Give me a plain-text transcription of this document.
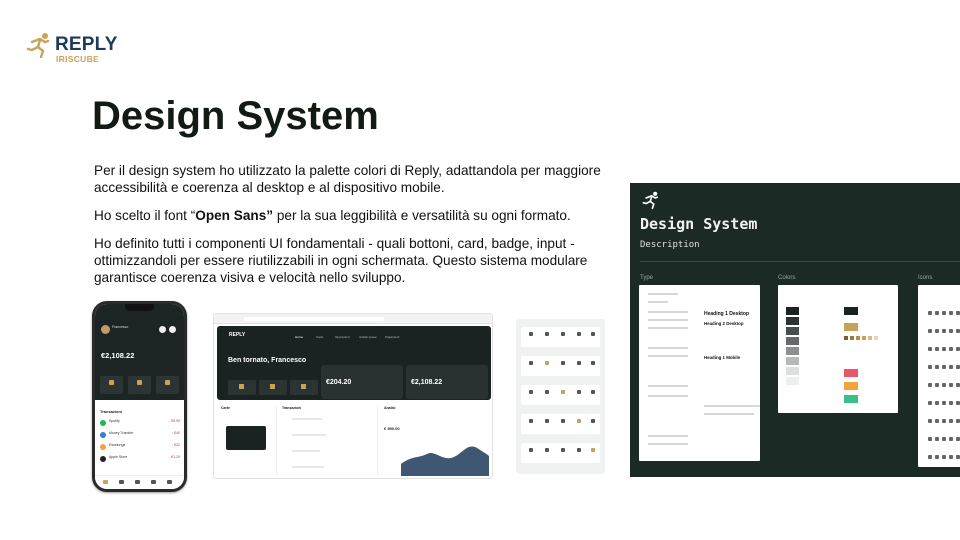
REPLY
IRISCUBE
Design System

Per il design system ho utilizzato la palette colori di Reply, adattandola per maggiore accessibilità e coerenza al desktop e al dispositivo mobile.

Ho scelto il font “Open Sans” per la sua leggibilità e versatilità su ogni formato.

Ho definito tutti i componenti UI fondamentali - quali bottoni, card, badge, input - ottimizzandoli per essere riutilizzabili in ogni schermata. Questo sistema modulare garantisce coerenza visiva e velocità nello sviluppo.

Francesco
€2,108.22
Transazioni
Spotify	- €9.99
Money Transfer	- €40
Esselunga	- €32
Apple Store	- €1.29
REPLY	Home	Carte	Operazioni	Analisi spese	Pagamenti
Ben tornato, Francesco
€204.20	€2,108.22
Carte	Transazioni	Analisi
€ 950.00
Design System
Description
Type	Colors	Icons
Heading 1 Desktop
Heading 2 Desktop
Heading 1 Mobile
